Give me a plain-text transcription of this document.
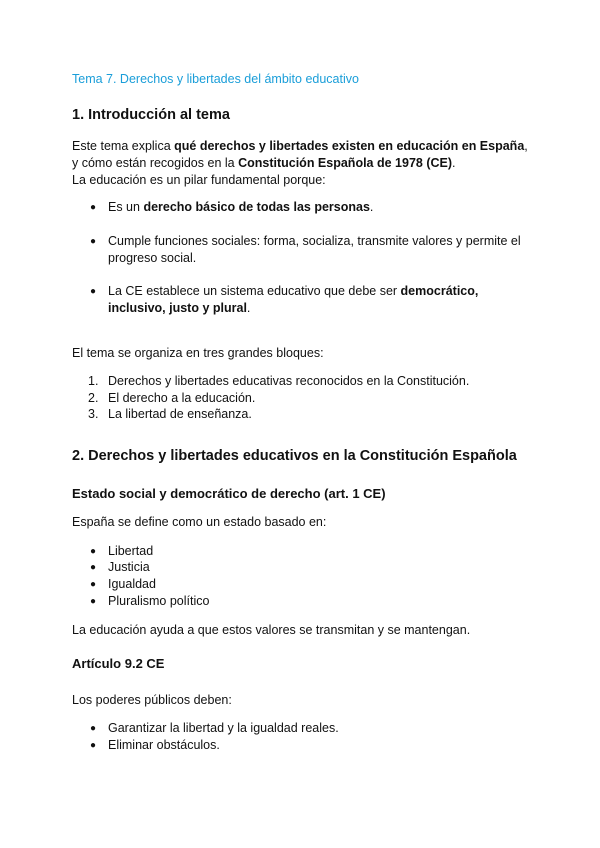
Tema 7. Derechos y libertades del ámbito educativo
1. Introducción al tema
Este tema explica qué derechos y libertades existen en educación en España, y cómo están recogidos en la Constitución Española de 1978 (CE).
La educación es un pilar fundamental porque:
● Es un derecho básico de todas las personas.
● Cumple funciones sociales: forma, socializa, transmite valores y permite el progreso social.
● La CE establece un sistema educativo que debe ser democrático, inclusivo, justo y plural.
El tema se organiza en tres grandes bloques:
1. Derechos y libertades educativas reconocidos en la Constitución.
2. El derecho a la educación.
3. La libertad de enseñanza.
2. Derechos y libertades educativos en la Constitución Española
Estado social y democrático de derecho (art. 1 CE)
España se define como un estado basado en:
● Libertad
● Justicia
● Igualdad
● Pluralismo político
La educación ayuda a que estos valores se transmitan y se mantengan.
Artículo 9.2 CE
Los poderes públicos deben:
● Garantizar la libertad y la igualdad reales.
● Eliminar obstáculos.
